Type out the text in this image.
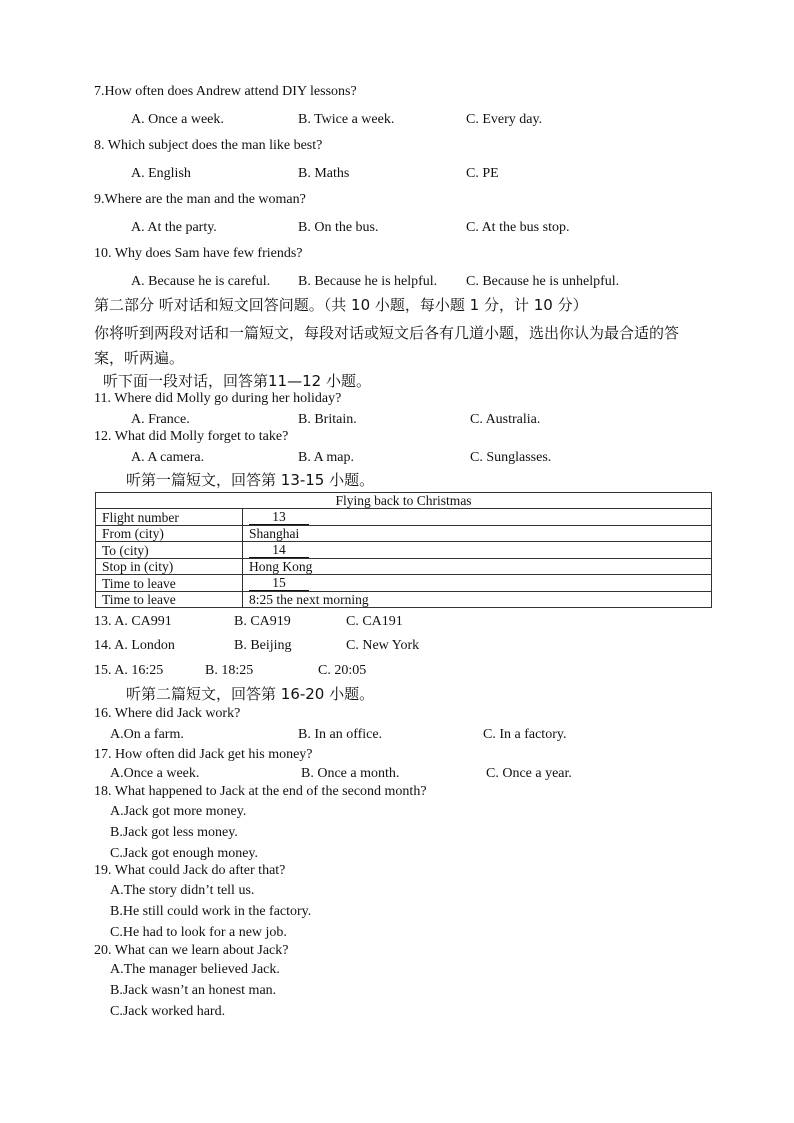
7.How often does Andrew attend DIY lessons?
A. Once a week.	B. Twice a week.	C. Every day.
8. Which subject does the man like best?
A. English	B. Maths	C. PE
9.Where are the man and the woman?
A. At the party.	B. On the bus.	C. At the bus stop.
10. Why does Sam have few friends?
A. Because he is careful. B. Because he is helpful. C. Because he is unhelpful.
第二部分 听对话和短文回答问题。（共 10 小题，每小题 1 分，计 10 分）
你将听到两段对话和一篇短文，每段对话或短文后各有几道小题，选出你认为最合适的答
案，听两遍。
听下面一段对话，回答第11—12 小题。
11. Where did Molly go during her holiday?
A. France.	B. Britain.	C. Australia.
12. What did Molly forget to take?
A. A camera.	B. A map.	C. Sunglasses.
听第一篇短文，回答第 13-15 小题。
Flying back to Christmas	
Flight number	13
From (city)	Shanghai
To (city)	14
Stop in (city)	Hong Kong
Time to leave	15
Time to leave	8:25 the next morning
13. A. CA991	B. CA919	C. CA191
14. A. London	B. Beijing	C. New York
15. A. 16:25	B. 18:25	C. 20:05
听第二篇短文，回答第 16-20 小题。
16. Where did Jack work?
A.On a farm.	B. In an office.	C. In a factory.
17. How often did Jack get his money?
A.Once a week.	B. Once a month.	C. Once a year.
18. What happened to Jack at the end of the second month?
A.Jack got more money.
B.Jack got less money.
C.Jack got enough money.
19. What could Jack do after that?
A.The story didn’t tell us.
B.He still could work in the factory.
C.He had to look for a new job.
20. What can we learn about Jack?
A.The manager believed Jack.
B.Jack wasn’t an honest man.
C.Jack worked hard.
